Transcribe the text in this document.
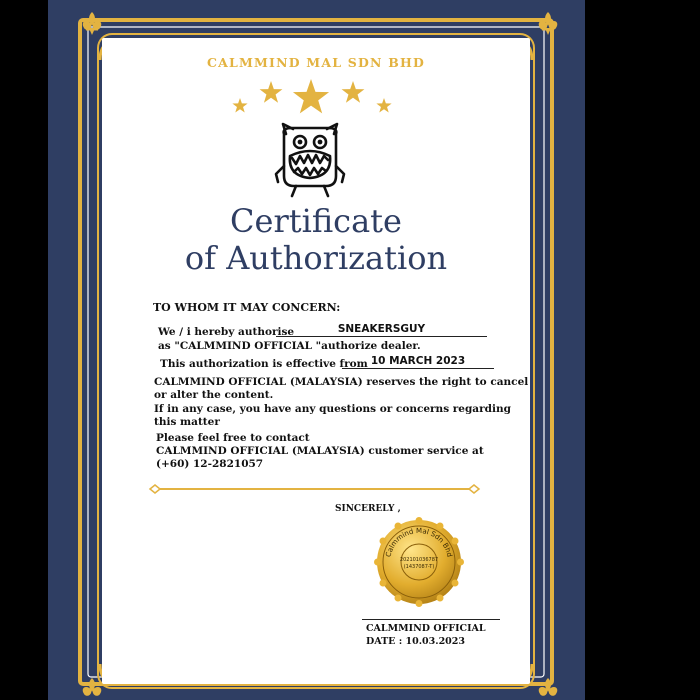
CALMMIND MAL SDN BHD
Certificate
of Authorization
TO WHOM IT MAY CONCERN:
We / i hereby authorise	SNEAKERSGUY
as "CALMMIND OFFICIAL "authorize dealer.
This authorization is effective from 10 MARCH 2023
CALMMIND OFFICIAL (MALAYSIA) reserves the right to cancel
or alter the content.
If in any case, you have any questions or concerns regarding
this matter
Please feel free to contact
CALMMIND OFFICIAL (MALAYSIA) customer service at
(+60) 12-2821057
SINCERELY ,
Calmmind Mal Sdn Bhd
202101036787
(1437087-T)
CALMMIND OFFICIAL
DATE : 10.03.2023
